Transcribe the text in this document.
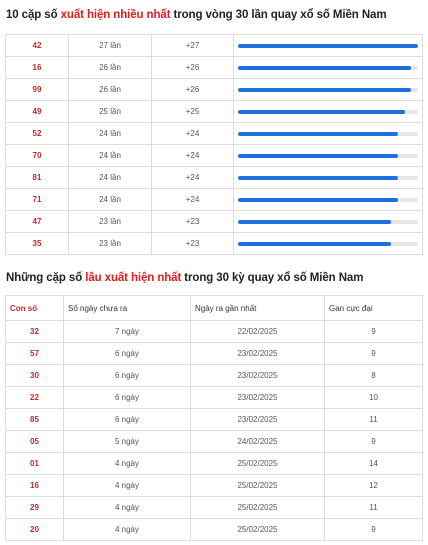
10 cặp số xuất hiện nhiều nhất trong vòng 30 lần quay xổ số Miền Nam
42	27 lần	+27	

16	26 lần	+26	

99	26 lần	+26	

49	25 lần	+25	

52	24 lần	+24	

70	24 lần	+24	

81	24 lần	+24	

71	24 lần	+24	

47	23 lần	+23	

35	23 lần	+23	
Những cặp số lâu xuất hiện nhất trong 30 kỳ quay xổ số Miền Nam
Con số	Số ngày chưa ra	Ngày ra gần nhất	Gan cực đại
32	7 ngày	22/02/2025	9
57	6 ngày	23/02/2025	9
30	6 ngày	23/02/2025	8
22	6 ngày	23/02/2025	10
85	6 ngày	23/02/2025	11
05	5 ngày	24/02/2025	9
01	4 ngày	25/02/2025	14
16	4 ngày	25/02/2025	12
29	4 ngày	25/02/2025	11
20	4 ngày	25/02/2025	9
